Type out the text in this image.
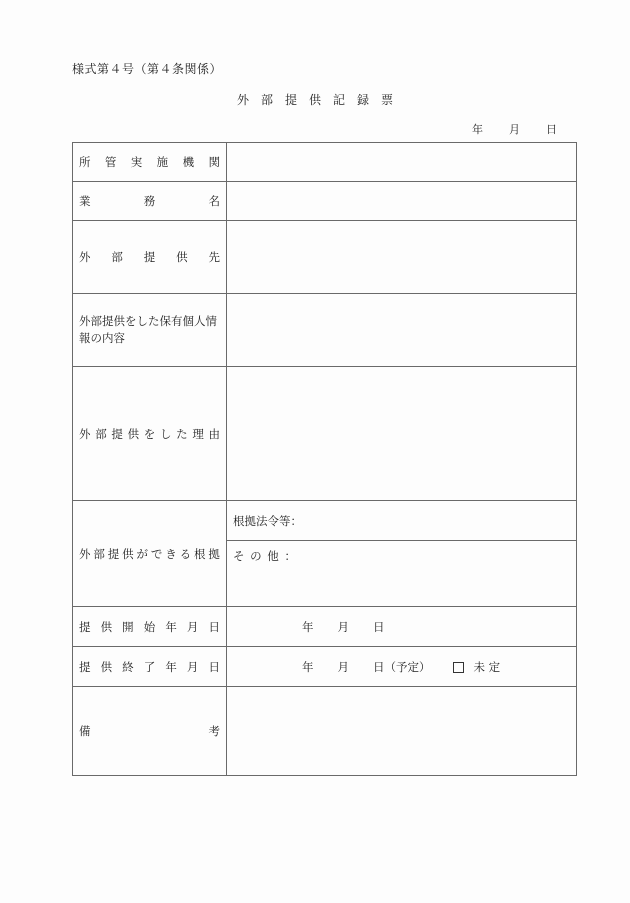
様式第４号（第４条関係）
外 部 提 供 記 録 票
年 月 日
所 管 実 施 機 関

業 務 名	

外 部 提 供 先	

外部提供をした保有個人情報の内容	

外 部 提 供 を し た 理 由

外 部 提 供 が で き る 根 拠
	根拠法令等：
	そ の 他 ：

提 供 開 始 年 月 日	年 月 日

提 供 終 了 年 月 日	年 月 日 （予定）	未 定

備 考	
